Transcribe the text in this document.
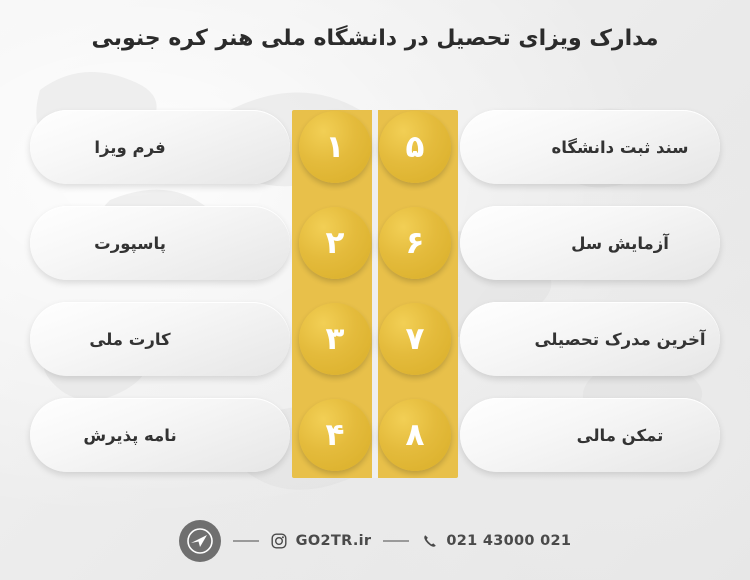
مدارک ویزای تحصیل در دانشگاه ملی هنر کره جنوبی
سند ثبت دانشگاه
۵
۱
فرم ویزا
آزمایش سل
۶
۲
پاسپورت
آخرین مدرک تحصیلی
۷
۳
کارت ملی
تمکن مالی
۸
۴
نامه پذیرش
GO2TR.ir	021 43000 021
